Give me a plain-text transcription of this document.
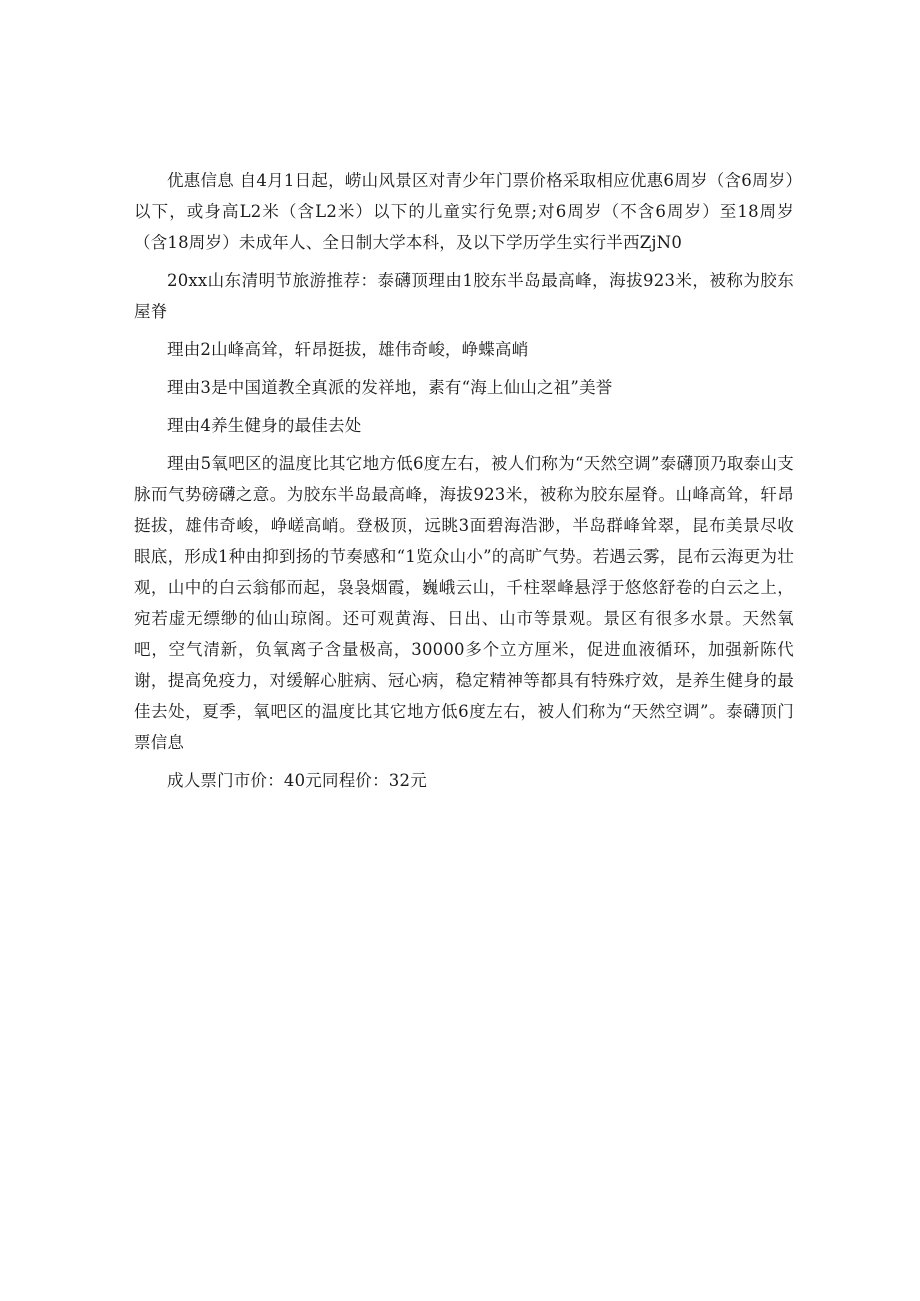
优惠信息 自4月1日起，崂山风景区对青少年门票价格采取相应优惠6周岁（含6周岁）以下，或身高L2米（含L2米）以下的儿童实行免票;对6周岁（不含6周岁）至18周岁（含18周岁）未成年人、全日制大学本科，及以下学历学生实行半西ZjN0

20xx山东清明节旅游推荐：泰礴顶理由1胶东半岛最高峰，海拔923米，被称为胶东屋脊

理由2山峰高耸，轩昂挺拔，雄伟奇峻，峥蝶高峭

理由3是中国道教全真派的发祥地，素有“海上仙山之祖”美誉

理由4养生健身的最佳去处

理由5氧吧区的温度比其它地方低6度左右，被人们称为“天然空调”泰礴顶乃取泰山支脉而气势磅礴之意。为胶东半岛最高峰，海拔923米，被称为胶东屋脊。山峰高耸，轩昂挺拔，雄伟奇峻，峥嵯高峭。登极顶，远眺3面碧海浩渺，半岛群峰耸翠，昆布美景尽收眼底，形成1种由抑到扬的节奏感和“1览众山小”的高旷气势。若遇云雾，昆布云海更为壮观，山中的白云翁郁而起，袅袅烟霞，巍峨云山，千柱翠峰悬浮于悠悠舒卷的白云之上，宛若虚无缥缈的仙山琼阁。还可观黄海、日出、山市等景观。景区有很多水景。天然氧吧，空气清新，负氧离子含量极高，30000多个立方厘米，促进血液循环，加强新陈代谢，提高免疫力，对缓解心脏病、冠心病，稳定精神等都具有特殊疗效，是养生健身的最佳去处，夏季，氧吧区的温度比其它地方低6度左右，被人们称为“天然空调”。泰礴顶门票信息

成人票门市价：40元同程价：32元
